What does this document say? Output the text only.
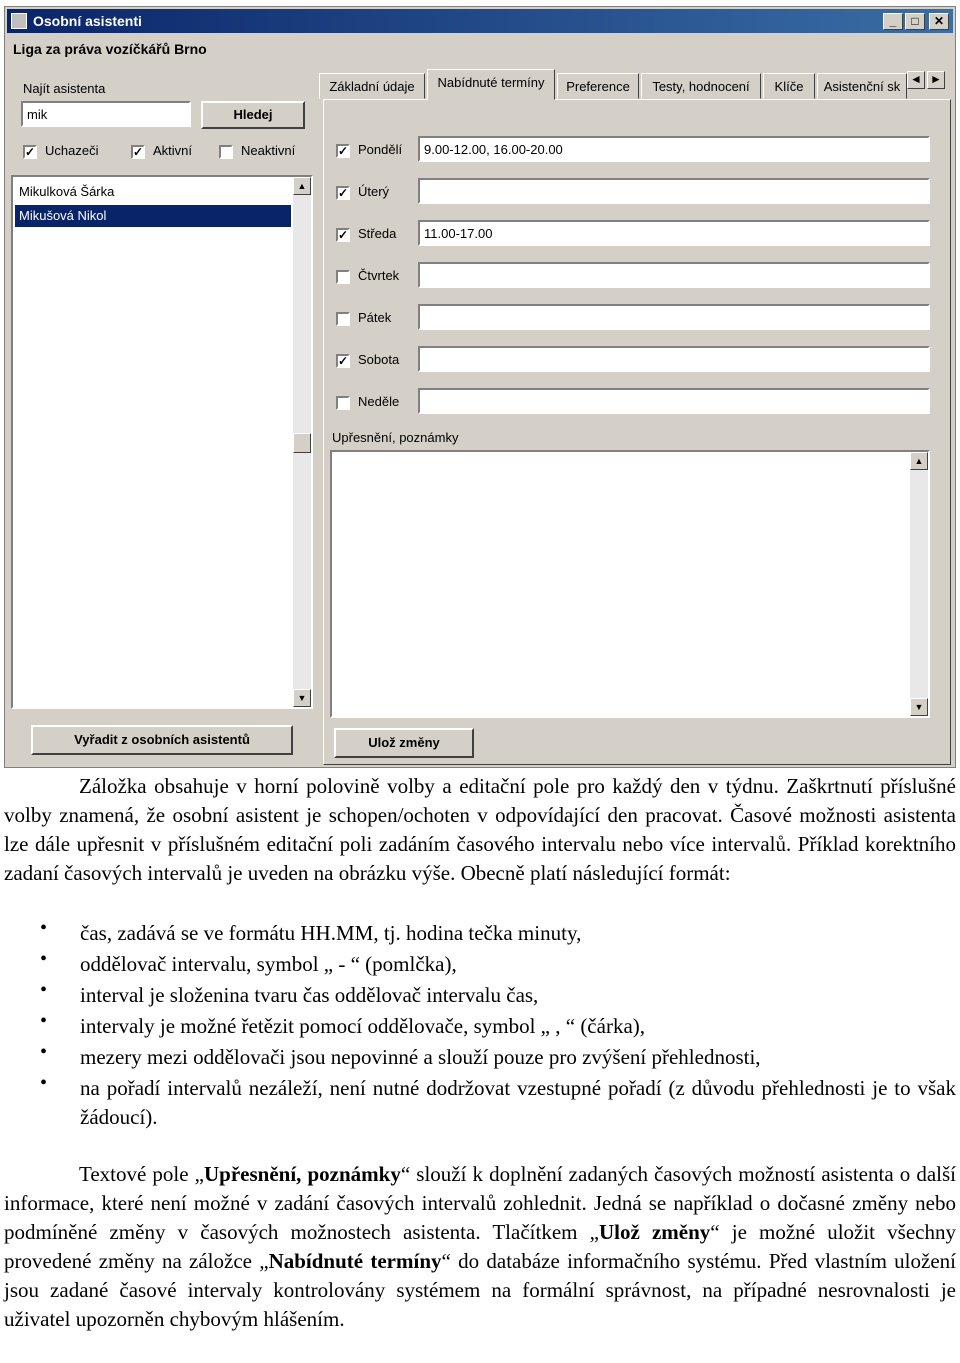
Osobní asistenti	_	□	✕
Liga za práva vozíčkářů Brno
Najít asistenta
mik
Hledej
✓ Uchazeči	✓ Aktivní	Neaktivní
Mikulková Šárka
Mikušová Nikol
▲
▼
Vyřadit z osobních asistentů
Základní údaje	Nabídnuté termíny	Preference	Testy, hodnocení	Klíče	Asistenční sk ◄ ►
✓ Pondělí
9.00-12.00, 16.00-20.00
✓ Úterý
✓ Středa
11.00-17.00
Čtvrtek
Pátek
✓ Sobota
Neděle
Upřesnění, poznámky
▲
▼
Ulož změny

Záložka obsahuje v horní polovině volby a editační pole pro každý den v týdnu. Zaškrtnutí příslušné volby znamená, že osobní asistent je schopen/ochoten v odpovídající den pracovat. Časové možnosti asistenta lze dále upřesnit v příslušném editační poli zadáním časového intervalu nebo více intervalů. Příklad korektního zadaní časových intervalů je uveden na obrázku výše. Obecně platí následující formát:

• čas, zadává se ve formátu HH.MM, tj. hodina tečka minuty,
• oddělovač intervalu, symbol „ - “ (pomlčka),
• interval je složenina tvaru čas oddělovač intervalu čas,
• intervaly je možné řetězit pomocí oddělovače, symbol „ , “ (čárka),
• mezery mezi oddělovači jsou nepovinné a slouží pouze pro zvýšení přehlednosti,
• na pořadí intervalů nezáleží, není nutné dodržovat vzestupné pořadí (z důvodu přehlednosti je to však žádoucí).

Textové pole „Upřesnění, poznámky“ slouží k doplnění zadaných časových možností asistenta o další informace, které není možné v zadání časových intervalů zohlednit. Jedná se například o dočasné změny nebo podmíněné změny v časových možnostech asistenta. Tlačítkem „Ulož změny“ je možné uložit všechny provedené změny na záložce „Nabídnuté termíny“ do databáze informačního systému. Před vlastním uložení jsou zadané časové intervaly kontrolovány systémem na formální správnost, na případné nesrovnalosti je uživatel upozorněn chybovým hlášením.
